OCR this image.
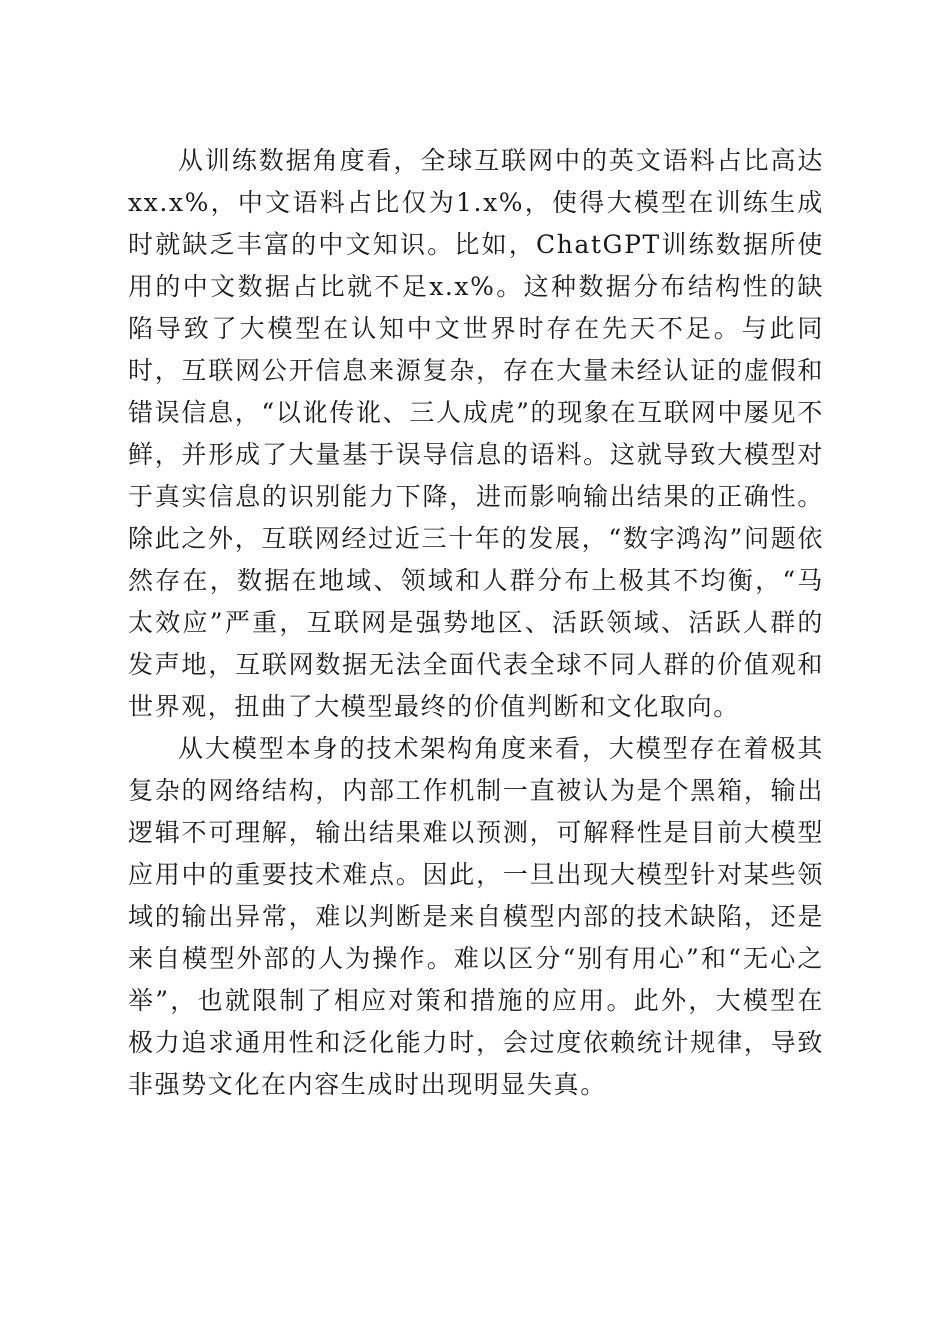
从训练数据角度看，全球互联网中的英文语料占比高达xx.x%，中文语料占比仅为1.x%，使得大模型在训练生成时就缺乏丰富的中文知识。比如，ChatGPT训练数据所使用的中文数据占比就不足x.x%。这种数据分布结构性的缺陷导致了大模型在认知中文世界时存在先天不足。与此同时，互联网公开信息来源复杂，存在大量未经认证的虚假和错误信息，“以讹传讹、三人成虎”的现象在互联网中屡见不鲜，并形成了大量基于误导信息的语料。这就导致大模型对于真实信息的识别能力下降，进而影响输出结果的正确性。除此之外，互联网经过近三十年的发展，“数字鸿沟”问题依然存在，数据在地域、领域和人群分布上极其不均衡，“马太效应”严重，互联网是强势地区、活跃领域、活跃人群的发声地，互联网数据无法全面代表全球不同人群的价值观和世界观，扭曲了大模型最终的价值判断和文化取向。

从大模型本身的技术架构角度来看，大模型存在着极其复杂的网络结构，内部工作机制一直被认为是个黑箱，输出逻辑不可理解，输出结果难以预测，可解释性是目前大模型应用中的重要技术难点。因此，一旦出现大模型针对某些领域的输出异常，难以判断是来自模型内部的技术缺陷，还是来自模型外部的人为操作。难以区分“别有用心”和“无心之举”，也就限制了相应对策和措施的应用。此外，大模型在极力追求通用性和泛化能力时，会过度依赖统计规律，导致非强势文化在内容生成时出现明显失真。
